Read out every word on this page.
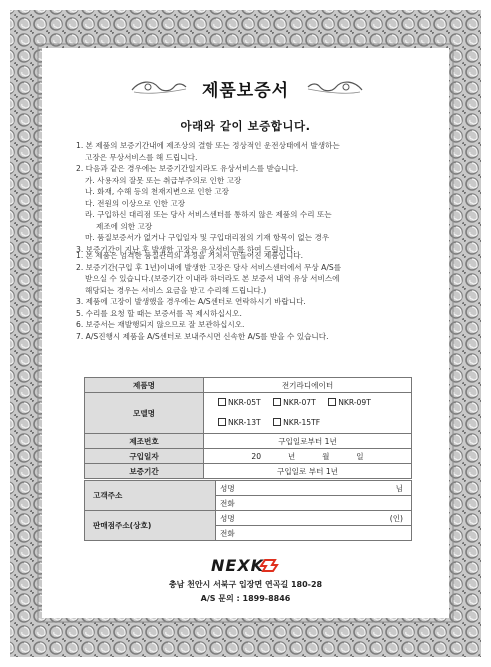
제품보증서
아래와 같이 보증합니다.
1. 본 제품의 보증기간내에 제조상의 결함 또는 정상적인 운전상태에서 발생하는
고장은 무상서비스를 해 드립니다.
2. 다음과 같은 경우에는 보증기간일지라도 유상서비스를 받습니다.
가. 사용자의 잘못 또는 취급부주의로 인한 고장
나. 화재, 수해 등의 천재지변으로 인한 고장
다. 전원의 이상으로 인한 고장
라. 구입하신 대리점 또는 당사 서비스센터를 통하지 않은 제품의 수리 또는
제조에 의한 고장
마. 품질보증서가 없거나 구입일자 및 구입대리점의 기재 항목이 없는 경우
3. 보증기간이 지난 후 발생한 고장은 유상서비스를 하여 드립니다.
1. 본 제품은 엄격한 품질관리의 과정을 거쳐서 만들어진 제품입니다.
2. 보증기간(구입 후 1년)이내에 발생한 고장은 당사 서비스센터에서 무상 A/S를
받으실 수 있습니다.(보증기간 이내라 하더라도 본 보증서 내역 유상 서비스에
해당되는 경우는 서비스 요금을 받고 수리해 드립니다.)
3. 제품에 고장이 발생했을 경우에는 A/S센터로 연락하시기 바랍니다.
5. 수리를 요청 할 때는 보증서를 꼭 제시하십시오.
6. 보증서는 재발행되지 않으므로 잘 보관하십시오.
7. A/S진행시 제품을 A/S센터로 보내주시면 신속한 A/S를 받을 수 있습니다.
제품명	전기라디에이터
모델명	NKR-05T NKR-07T NKR-09T
NKR-13T NKR-15TF

제조번호	구입일로부터 1년
구입일자	20 년 월 일
보증기간	구입일로 부터 1년
고객주소	성명	님
	전화	
판매점주소(상호)	성명	(인)
	전화	
NEXK
충남 천안시 서북구 입장면 연곡길 180-28
A/S 문의 : 1899-8846
